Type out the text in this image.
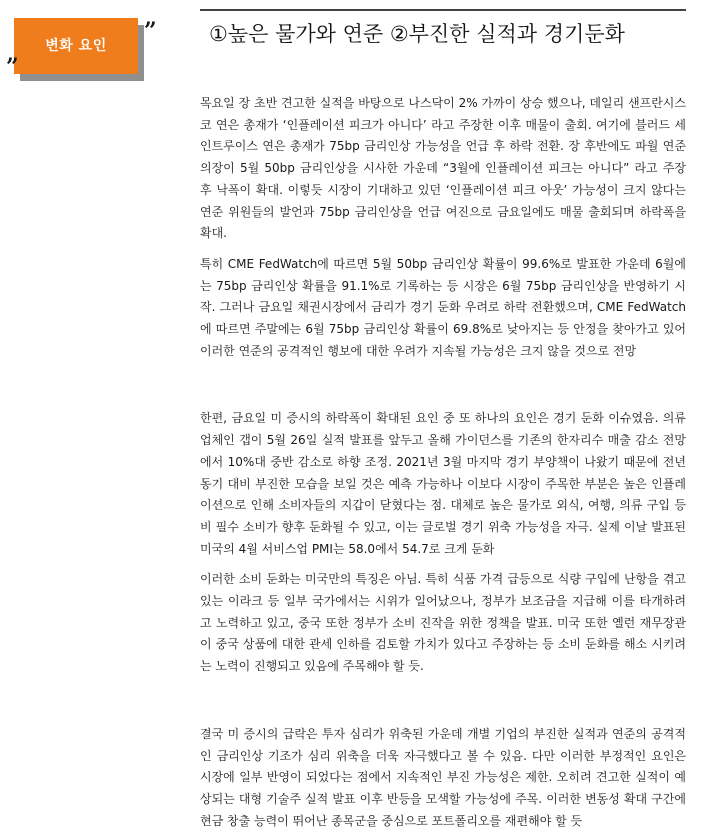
변화 요인
”
” ①높은 물가와 연준 ②부진한 실적과 경기둔화

목요일 장 초반 견고한 실적을 바탕으로 나스닥이 2% 가까이 상승 했으나, 데일리 샌프란시스코 연은 총재가 ‘인플레이션 피크가 아니다’ 라고 주장한 이후 매물이 출회. 여기에 블러드 세인트루이스 연은 총재가 75bp 금리인상 가능성을 언급 후 하락 전환. 장 후반에도 파월 연준의장이 5월 50bp 금리인상을 시사한 가운데 “3월에 인플레이션 피크는 아니다” 라고 주장 후 낙폭이 확대. 이렇듯 시장이 기대하고 있던 ‘인플레이션 피크 아웃’ 가능성이 크지 않다는 연준 위원들의 발언과 75bp 금리인상을 언급 여진으로 금요일에도 매물 출회되며 하락폭을 확대.

특히 CME FedWatch에 따르면 5월 50bp 금리인상 확률이 99.6%로 발표한 가운데 6월에는 75bp 금리인상 확률을 91.1%로 기록하는 등 시장은 6월 75bp 금리인상을 반영하기 시작. 그러나 금요일 채권시장에서 금리가 경기 둔화 우려로 하락 전환했으며, CME FedWatch에 따르면 주말에는 6월 75bp 금리인상 확률이 69.8%로 낮아지는 등 안정을 찾아가고 있어 이러한 연준의 공격적인 행보에 대한 우려가 지속될 가능성은 크지 않을 것으로 전망

한편, 금요일 미 증시의 하락폭이 확대된 요인 중 또 하나의 요인은 경기 둔화 이슈였음. 의류 업체인 갭이 5월 26일 실적 발표를 앞두고 올해 가이던스를 기존의 한자리수 매출 감소 전망에서 10%대 중반 감소로 하향 조정. 2021년 3월 마지막 경기 부양책이 나왔기 때문에 전년 동기 대비 부진한 모습을 보일 것은 예측 가능하나 이보다 시장이 주목한 부분은 높은 인플레이션으로 인해 소비자들의 지갑이 닫혔다는 점. 대체로 높은 물가로 외식, 여행, 의류 구입 등 비 필수 소비가 향후 둔화될 수 있고, 이는 글로벌 경기 위축 가능성을 자극. 실제 이날 발표된 미국의 4월 서비스업 PMI는 58.0에서 54.7로 크게 둔화

이러한 소비 둔화는 미국만의 특징은 아님. 특히 식품 가격 급등으로 식량 구입에 난항을 겪고 있는 이라크 등 일부 국가에서는 시위가 일어났으나, 정부가 보조금을 지급해 이를 타개하려고 노력하고 있고, 중국 또한 정부가 소비 진작을 위한 정책을 발표. 미국 또한 옐런 재무장관이 중국 상품에 대한 관세 인하를 검토할 가치가 있다고 주장하는 등 소비 둔화를 해소 시키려는 노력이 진행되고 있음에 주목해야 할 듯.

결국 미 증시의 급락은 투자 심리가 위축된 가운데 개별 기업의 부진한 실적과 연준의 공격적인 금리인상 기조가 심리 위축을 더욱 자극했다고 볼 수 있음. 다만 이러한 부정적인 요인은 시장에 일부 반영이 되었다는 점에서 지속적인 부진 가능성은 제한. 오히려 견고한 실적이 예상되는 대형 기술주 실적 발표 이후 반등을 모색할 가능성에 주목. 이러한 변동성 확대 구간에 현금 창출 능력이 뛰어난 종목군을 중심으로 포트폴리오를 재편해야 할 듯
